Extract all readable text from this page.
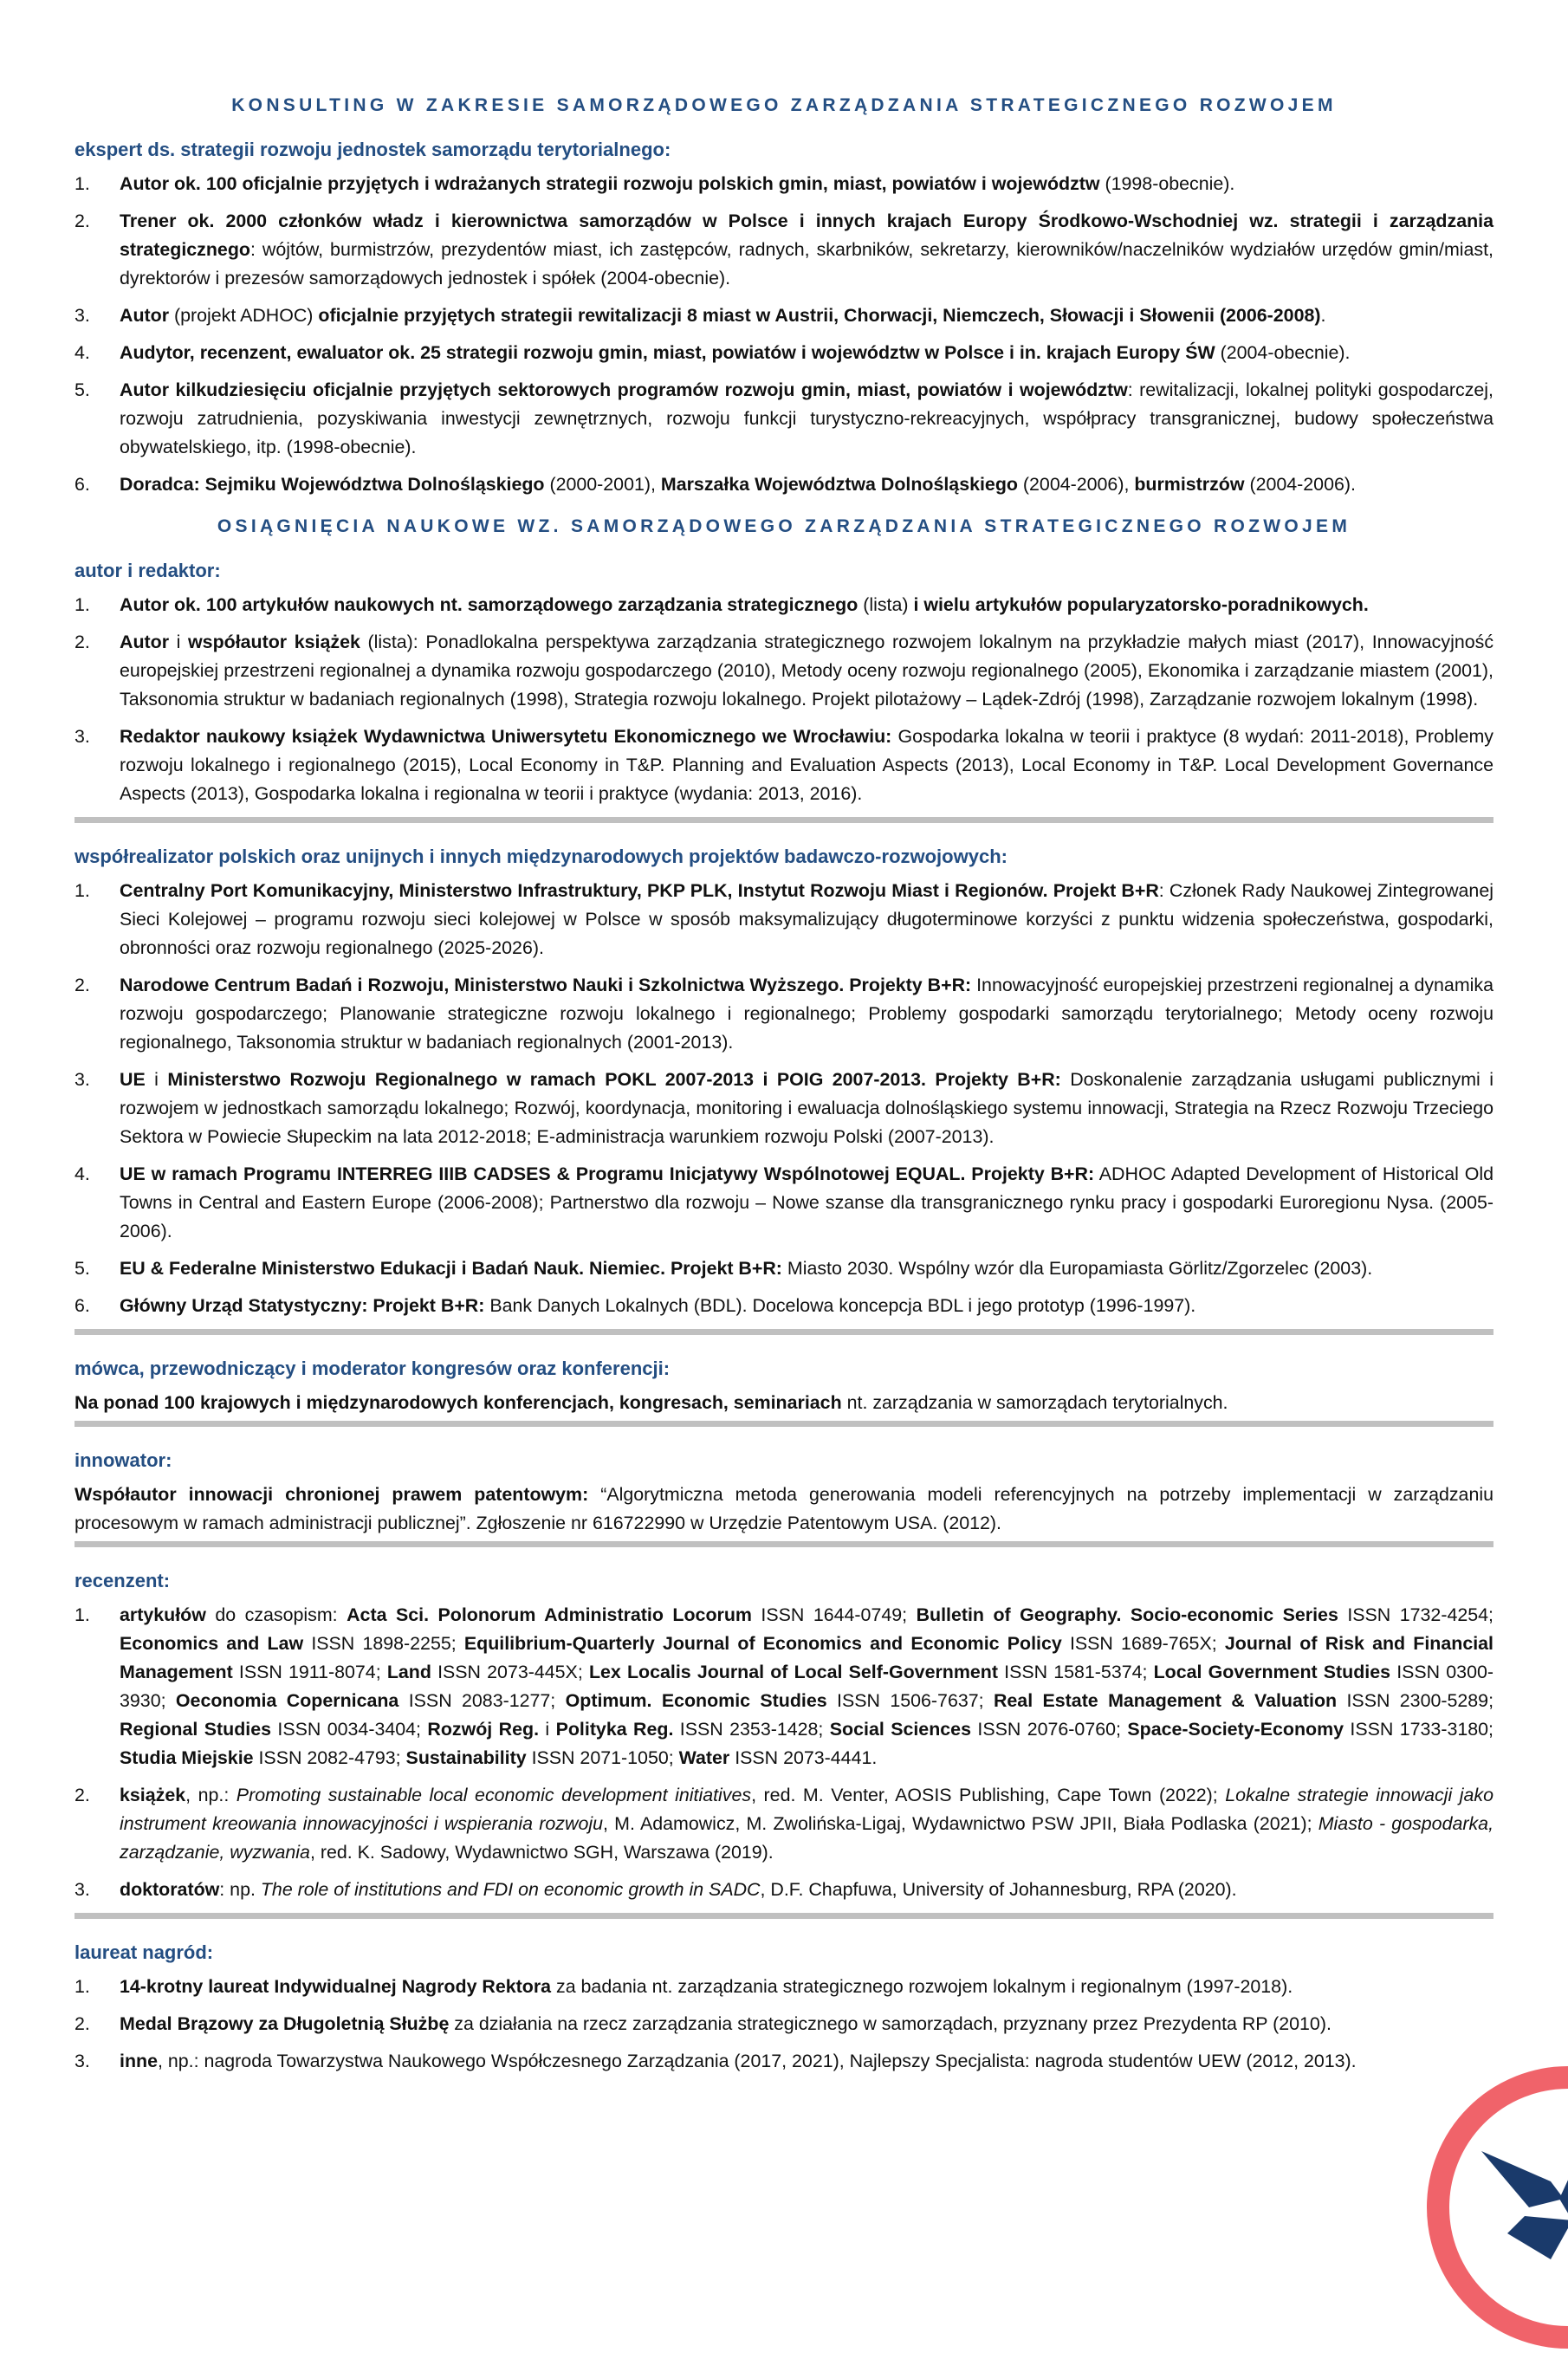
KONSULTING W ZAKRESIE SAMORZĄDOWEGO ZARZĄDZANIA STRATEGICZNEGO ROZWOJEM
ekspert ds. strategii rozwoju jednostek samorządu terytorialnego:
1. Autor ok. 100 oficjalnie przyjętych i wdrażanych strategii rozwoju polskich gmin, miast, powiatów i województw (1998-obecnie).
2. Trener ok. 2000 członków władz i kierownictwa samorządów w Polsce i innych krajach Europy Środkowo-Wschodniej wz. strategii i zarządzania strategicznego: wójtów, burmistrzów, prezydentów miast, ich zastępców, radnych, skarbników, sekretarzy, kierowników/naczelników wydziałów urzędów gmin/miast, dyrektorów i prezesów samorządowych jednostek i spółek (2004-obecnie).
3. Autor (projekt ADHOC) oficjalnie przyjętych strategii rewitalizacji 8 miast w Austrii, Chorwacji, Niemczech, Słowacji i Słowenii (2006-2008).
4. Audytor, recenzent, ewaluator ok. 25 strategii rozwoju gmin, miast, powiatów i województw w Polsce i in. krajach Europy ŚW (2004-obecnie).
5. Autor kilkudziesięciu oficjalnie przyjętych sektorowych programów rozwoju gmin, miast, powiatów i województw: rewitalizacji, lokalnej polityki gospodarczej, rozwoju zatrudnienia, pozyskiwania inwestycji zewnętrznych, rozwoju funkcji turystyczno-rekreacyjnych, współpracy transgranicznej, budowy społeczeństwa obywatelskiego, itp. (1998-obecnie).
6. Doradca: Sejmiku Województwa Dolnośląskiego (2000-2001), Marszałka Województwa Dolnośląskiego (2004-2006), burmistrzów (2004-2006).
OSIĄGNIĘCIA NAUKOWE WZ. SAMORZĄDOWEGO ZARZĄDZANIA STRATEGICZNEGO ROZWOJEM
autor i redaktor:
1. Autor ok. 100 artykułów naukowych nt. samorządowego zarządzania strategicznego (lista) i wielu artykułów popularyzatorsko-poradnikowych.
2. Autor i współautor książek (lista): Ponadlokalna perspektywa zarządzania strategicznego rozwojem lokalnym na przykładzie małych miast (2017), Innowacyjność europejskiej przestrzeni regionalnej a dynamika rozwoju gospodarczego (2010), Metody oceny rozwoju regionalnego (2005), Ekonomika i zarządzanie miastem (2001), Taksonomia struktur w badaniach regionalnych (1998), Strategia rozwoju lokalnego. Projekt pilotażowy – Lądek-Zdrój (1998), Zarządzanie rozwojem lokalnym (1998).
3. Redaktor naukowy książek Wydawnictwa Uniwersytetu Ekonomicznego we Wrocławiu: Gospodarka lokalna w teorii i praktyce (8 wydań: 2011-2018), Problemy rozwoju lokalnego i regionalnego (2015), Local Economy in T&P. Planning and Evaluation Aspects (2013), Local Economy in T&P. Local Development Governance Aspects (2013), Gospodarka lokalna i regionalna w teorii i praktyce (wydania: 2013, 2016).
współrealizator polskich oraz unijnych i innych międzynarodowych projektów badawczo-rozwojowych:
1. Centralny Port Komunikacyjny, Ministerstwo Infrastruktury, PKP PLK, Instytut Rozwoju Miast i Regionów. Projekt B+R: Członek Rady Naukowej Zintegrowanej Sieci Kolejowej – programu rozwoju sieci kolejowej w Polsce w sposób maksymalizujący długoterminowe korzyści z punktu widzenia społeczeństwa, gospodarki, obronności oraz rozwoju regionalnego (2025-2026).
2. Narodowe Centrum Badań i Rozwoju, Ministerstwo Nauki i Szkolnictwa Wyższego. Projekty B+R: Innowacyjność europejskiej przestrzeni regionalnej a dynamika rozwoju gospodarczego; Planowanie strategiczne rozwoju lokalnego i regionalnego; Problemy gospodarki samorządu terytorialnego; Metody oceny rozwoju regionalnego, Taksonomia struktur w badaniach regionalnych (2001-2013).
3. UE i Ministerstwo Rozwoju Regionalnego w ramach POKL 2007-2013 i POIG 2007-2013. Projekty B+R: Doskonalenie zarządzania usługami publicznymi i rozwojem w jednostkach samorządu lokalnego; Rozwój, koordynacja, monitoring i ewaluacja dolnośląskiego systemu innowacji, Strategia na Rzecz Rozwoju Trzeciego Sektora w Powiecie Słupeckim na lata 2012-2018; E-administracja warunkiem rozwoju Polski (2007-2013).
4. UE w ramach Programu INTERREG IIIB CADSES & Programu Inicjatywy Wspólnotowej EQUAL. Projekty B+R: ADHOC Adapted Development of Historical Old Towns in Central and Eastern Europe (2006-2008); Partnerstwo dla rozwoju – Nowe szanse dla transgranicznego rynku pracy i gospodarki Euroregionu Nysa. (2005-2006).
5. EU & Federalne Ministerstwo Edukacji i Badań Nauk. Niemiec. Projekt B+R: Miasto 2030. Wspólny wzór dla Europamiasta Görlitz/Zgorzelec (2003).
6. Główny Urząd Statystyczny: Projekt B+R: Bank Danych Lokalnych (BDL). Docelowa koncepcja BDL i jego prototyp (1996-1997).
mówca, przewodniczący i moderator kongresów oraz konferencji:

Na ponad 100 krajowych i międzynarodowych konferencjach, kongresach, seminariach nt. zarządzania w samorządach terytorialnych.

innowator:

Współautor innowacji chronionej prawem patentowym: “Algorytmiczna metoda generowania modeli referencyjnych na potrzeby implementacji w zarządzaniu procesowym w ramach administracji publicznej”. Zgłoszenie nr 616722990 w Urzędzie Patentowym USA. (2012).

recenzent:
1. artykułów do czasopism: Acta Sci. Polonorum Administratio Locorum ISSN 1644-0749; Bulletin of Geography. Socio-economic Series ISSN 1732-4254; Economics and Law ISSN 1898-2255; Equilibrium-Quarterly Journal of Economics and Economic Policy ISSN 1689-765X; Journal of Risk and Financial Management ISSN 1911-8074; Land ISSN 2073-445X; Lex Localis Journal of Local Self-Government ISSN 1581-5374; Local Government Studies ISSN 0300-3930; Oeconomia Copernicana ISSN 2083-1277; Optimum. Economic Studies ISSN 1506-7637; Real Estate Management & Valuation ISSN 2300-5289; Regional Studies ISSN 0034-3404; Rozwój Reg. i Polityka Reg. ISSN 2353-1428; Social Sciences ISSN 2076-0760; Space-Society-Economy ISSN 1733-3180; Studia Miejskie ISSN 2082-4793; Sustainability ISSN 2071-1050; Water ISSN 2073-4441.
2. książek, np.: Promoting sustainable local economic development initiatives, red. M. Venter, AOSIS Publishing, Cape Town (2022); Lokalne strategie innowacji jako instrument kreowania innowacyjności i wspierania rozwoju, M. Adamowicz, M. Zwolińska-Ligaj, Wydawnictwo PSW JPII, Biała Podlaska (2021); Miasto - gospodarka, zarządzanie, wyzwania, red. K. Sadowy, Wydawnictwo SGH, Warszawa (2019).
3. doktoratów: np. The role of institutions and FDI on economic growth in SADC, D.F. Chapfuwa, University of Johannesburg, RPA (2020).
laureat nagród:
1. 14-krotny laureat Indywidualnej Nagrody Rektora za badania nt. zarządzania strategicznego rozwojem lokalnym i regionalnym (1997-2018).
2. Medal Brązowy za Długoletnią Służbę za działania na rzecz zarządzania strategicznego w samorządach, przyznany przez Prezydenta RP (2010).
3. inne, np.: nagroda Towarzystwa Naukowego Współczesnego Zarządzania (2017, 2021), Najlepszy Specjalista: nagroda studentów UEW (2012, 2013).
